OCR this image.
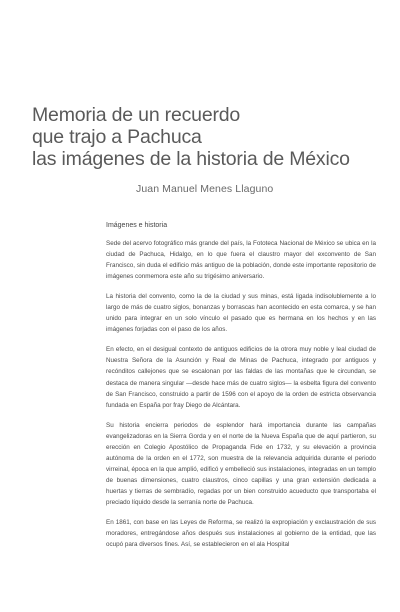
Memoria de un recuerdo
que trajo a Pachuca
las imágenes de la historia de México
Juan Manuel Menes Llaguno
Imágenes e historia

Sede del acervo fotográfico más grande del país, la Fototeca Nacional de México se ubica en la ciudad de Pachuca, Hidalgo, en lo que fuera el claustro mayor del exconvento de San Francisco, sin duda el edificio más antiguo de la población, donde este importante repositorio de imágenes conmemora este año su trigésimo aniversario.

La historia del convento, como la de la ciudad y sus minas, está ligada indisolublemente a lo largo de más de cuatro siglos, bonanzas y borrascas han acontecido en esta comarca, y se han unido para integrar en un solo vínculo el pasado que es hermana en los hechos y en las imágenes forjadas con el paso de los años.

En efecto, en el desigual contexto de antiguos edificios de la otrora muy noble y leal ciudad de Nuestra Señora de la Asunción y Real de Minas de Pachuca, integrado por antiguos y recónditos callejones que se escalonan por las faldas de las montañas que le circundan, se destaca de manera singular —desde hace más de cuatro siglos— la esbelta figura del convento de San Francisco, construido a partir de 1596 con el apoyo de la orden de estricta observancia fundada en España por fray Diego de Alcántara.

Su historia encierra periodos de esplendor hará importancia durante las campañas evangelizadoras en la Sierra Gorda y en el norte de la Nueva España que de aquí partieron, su erección en Colegio Apostólico de Propaganda Fide en 1732, y su elevación a provincia autónoma de la orden en el 1772, son muestra de la relevancia adquirida durante el periodo virreinal, época en la que amplió, edificó y embelleció sus instalaciones, integradas en un templo de buenas dimensiones, cuatro claustros, cinco capillas y una gran extensión dedicada a huertas y tierras de sembradío, regadas por un bien construido acueducto que transportaba el preciado líquido desde la serranía norte de Pachuca.

En 1861, con base en las Leyes de Reforma, se realizó la expropiación y exclaustración de sus moradores, entregándose años después sus instalaciones al gobierno de la entidad, que las ocupó para diversos fines. Así, se establecieron en el ala Hospital
